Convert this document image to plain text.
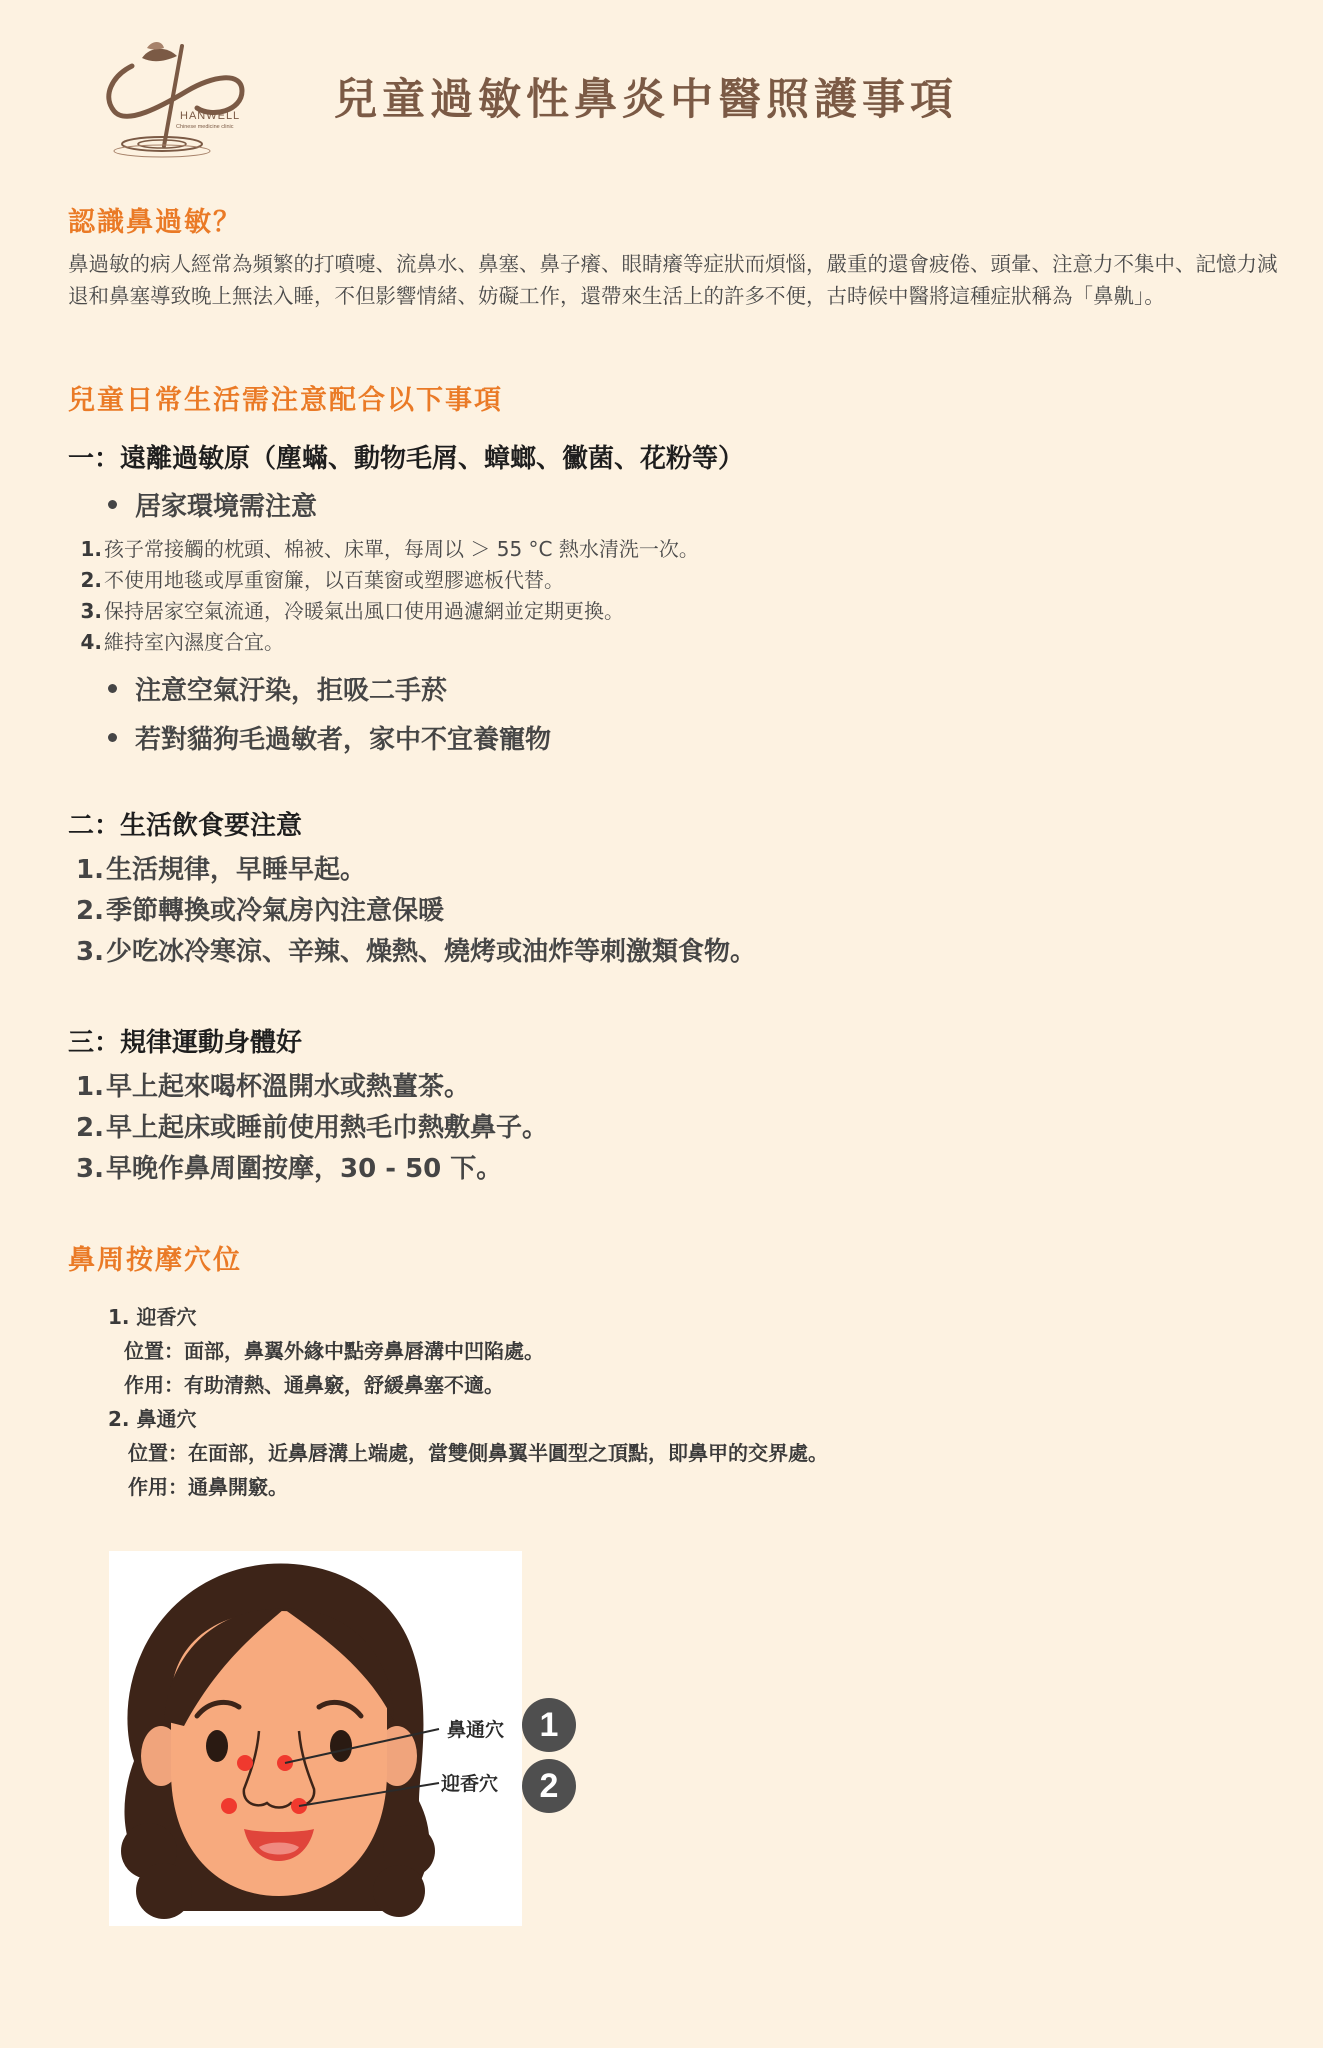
HANWELL
Chinese medicine clinic
兒童過敏性鼻炎中醫照護事項
認識鼻過敏？
鼻過敏的病人經常為頻繁的打噴嚏、流鼻水、鼻塞、鼻子癢、眼睛癢等症狀而煩惱，嚴重的還會疲倦、頭暈、注意力不集中、記憶力減退和鼻塞導致晚上無法入睡，不但影響情緒、妨礙工作，還帶來生活上的許多不便，古時候中醫將這種症狀稱為「鼻鼽」。
兒童日常生活需注意配合以下事項
一：遠離過敏原（塵蟎、動物毛屑、蟑螂、黴菌、花粉等）
居家環境需注意
1. 孩子常接觸的枕頭、棉被、床單，每周以 ＞ 55 °C 熱水清洗一次。
2. 不使用地毯或厚重窗簾，以百葉窗或塑膠遮板代替。
3. 保持居家空氣流通，冷暖氣出風口使用過濾網並定期更換。
4. 維持室內濕度合宜。
注意空氣汙染，拒吸二手菸
若對貓狗毛過敏者，家中不宜養寵物
二：生活飲食要注意
1.生活規律，早睡早起。
2.季節轉換或冷氣房內注意保暖
3.少吃冰冷寒涼、辛辣、燥熱、燒烤或油炸等刺激類食物。
三：規律運動身體好
1.早上起來喝杯溫開水或熱薑茶。
2.早上起床或睡前使用熱毛巾熱敷鼻子。
3.早晚作鼻周圍按摩，30 - 50 下。
鼻周按摩穴位
1. 迎香穴
位置：面部，鼻翼外緣中點旁鼻唇溝中凹陷處。
作用：有助清熱、通鼻竅，舒緩鼻塞不適。
2. 鼻通穴
位置：在面部，近鼻唇溝上端處，當雙側鼻翼半圓型之頂點，即鼻甲的交界處。
作用：通鼻開竅。
鼻通穴
迎香穴
1
2
